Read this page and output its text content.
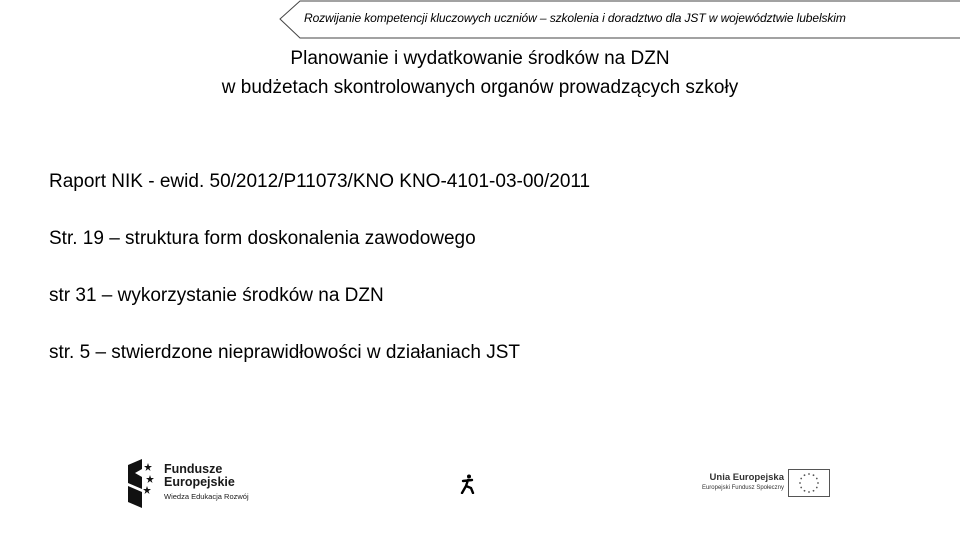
Rozwijanie kompetencji kluczowych uczniów – szkolenia i doradztwo dla JST w województwie lubelskim
Planowanie i wydatkowanie środków na DZN
w budżetach skontrolowanych organów prowadzących szkoły
Raport NIK - ewid. 50/2012/P11073/KNO KNO-4101-03-00/2011
Str. 19 – struktura form doskonalenia zawodowego
str 31 – wykorzystanie środków na DZN
str. 5 – stwierdzone nieprawidłowości w działaniach JST
Fundusze
Europejskie
Wiedza Edukacja Rozwój
Unia Europejska
Europejski Fundusz Społeczny
